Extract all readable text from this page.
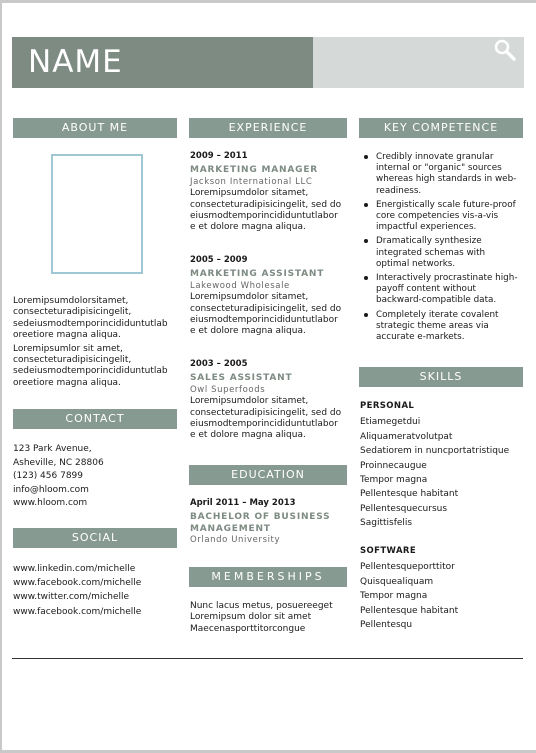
NAME
ABOUT ME

Loremipsumdolorsitamet,
consecteturadipisicingelit,
sedeiusmodtemporincididuntutlab
oreetiore magna aliqua.

Loremipsumlor sit amet,
consecteturadipisicingelit,
sedeiusmodtemporincididuntutlab
oreetiore magna aliqua.

CONTACT
123 Park Avenue,
Asheville, NC 28806
(123) 456 7899
info@hloom.com
www.hloom.com
SOCIAL
www.linkedin.com/michelle
www.facebook.com/michelle
www.twitter.com/michelle
www.facebook.com/michelle
EXPERIENCE
2009 – 2011
MARKETING MANAGER
Jackson International LLC
Loremipsumdolor sitamet,
consecteturadipisicingelit, sed do
eiusmodtemporincididuntutlabor
e et dolore magna aliqua.
2005 – 2009
MARKETING ASSISTANT
Lakewood Wholesale
Loremipsumdolor sitamet,
consecteturadipisicingelit, sed do
eiusmodtemporincididuntutlabor
e et dolore magna aliqua.
2003 – 2005
SALES ASSISTANT
Owl Superfoods
Loremipsumdolor sitamet,
consecteturadipisicingelit, sed do
eiusmodtemporincididuntutlabor
e et dolore magna aliqua.
EDUCATION
April 2011 – May 2013
BACHELOR OF BUSINESS
MANAGEMENT
Orlando University
MEMBERSHIPS
Nunc lacus metus, posuereeget
Loremipsum dolor sit amet
Maecenasporttitorcongue
KEY COMPETENCE
Credibly innovate granular
internal or "organic" sources
whereas high standards in web-
readiness.
Energistically scale future-proof
core competencies vis-a-vis
impactful experiences.
Dramatically synthesize
integrated schemas with
optimal networks.
Interactively procrastinate high-
payoff content without
backward-compatible data.
Completely iterate covalent
strategic theme areas via
accurate e-markets.
SKILLS
PERSONAL
Etiamegetdui
Aliquameratvolutpat
Sedatiorem in nuncportatristique
Proinnecaugue
Tempor magna
Pellentesque habitant
Pellentesquecursus
Sagittisfelis
SOFTWARE
Pellentesqueporttitor
Quisquealiquam
Tempor magna
Pellentesque habitant
Pellentesqu
